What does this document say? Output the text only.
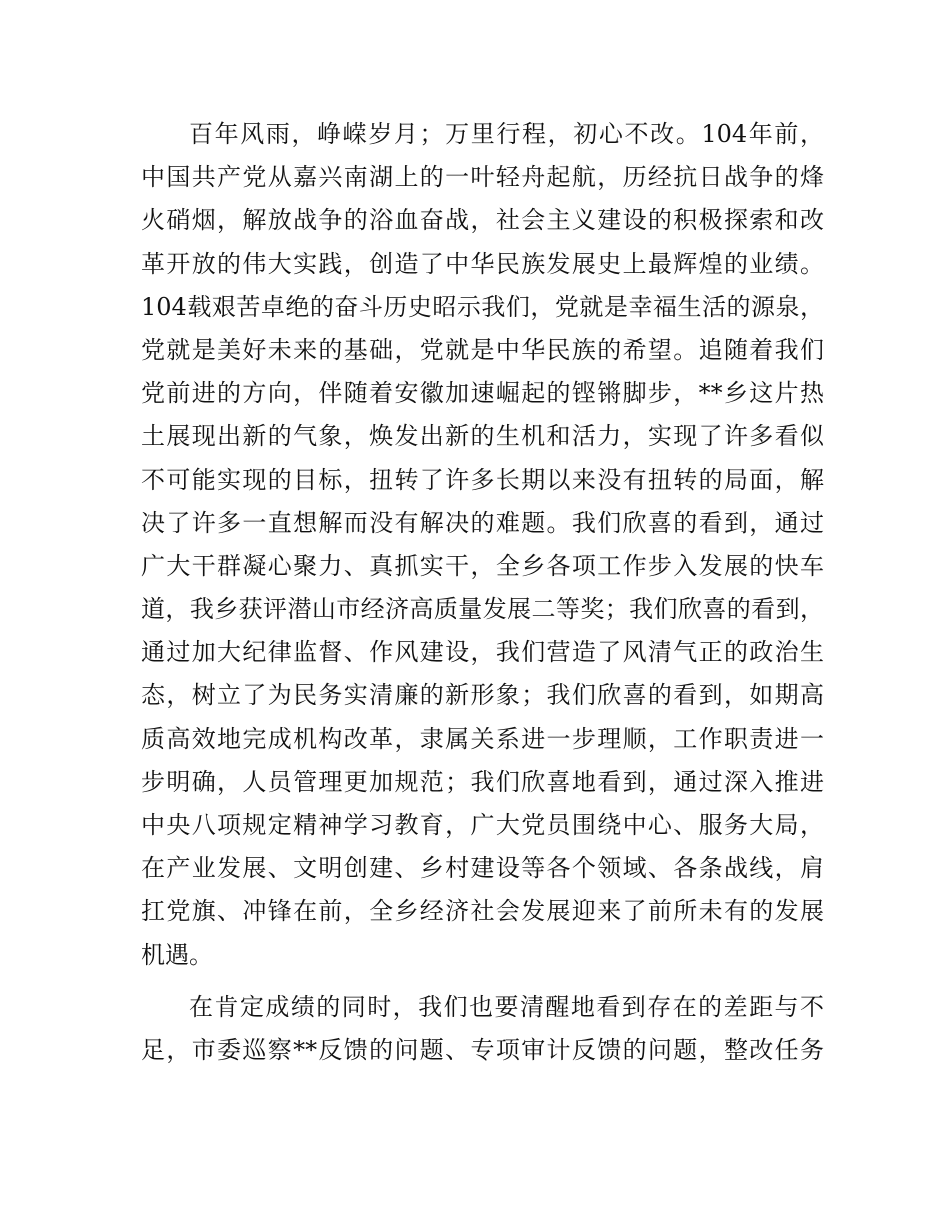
百年风雨，峥嵘岁月；万里行程，初心不改。104年前，
中国共产党从嘉兴南湖上的一叶轻舟起航，历经抗日战争的烽
火硝烟，解放战争的浴血奋战，社会主义建设的积极探索和改
革开放的伟大实践，创造了中华民族发展史上最辉煌的业绩。
104载艰苦卓绝的奋斗历史昭示我们，党就是幸福生活的源泉，
党就是美好未来的基础，党就是中华民族的希望。追随着我们
党前进的方向，伴随着安徽加速崛起的铿锵脚步，**乡这片热
土展现出新的气象，焕发出新的生机和活力，实现了许多看似
不可能实现的目标，扭转了许多长期以来没有扭转的局面，解
决了许多一直想解而没有解决的难题。我们欣喜的看到，通过
广大干群凝心聚力、真抓实干，全乡各项工作步入发展的快车
道，我乡获评潜山市经济高质量发展二等奖；我们欣喜的看到，
通过加大纪律监督、作风建设，我们营造了风清气正的政治生
态，树立了为民务实清廉的新形象；我们欣喜的看到，如期高
质高效地完成机构改革，隶属关系进一步理顺，工作职责进一
步明确，人员管理更加规范；我们欣喜地看到，通过深入推进
中央八项规定精神学习教育，广大党员围绕中心、服务大局，
在产业发展、文明创建、乡村建设等各个领域、各条战线，肩
扛党旗、冲锋在前，全乡经济社会发展迎来了前所未有的发展
机遇。
在肯定成绩的同时，我们也要清醒地看到存在的差距与不
足，市委巡察**反馈的问题、专项审计反馈的问题，整改任务
